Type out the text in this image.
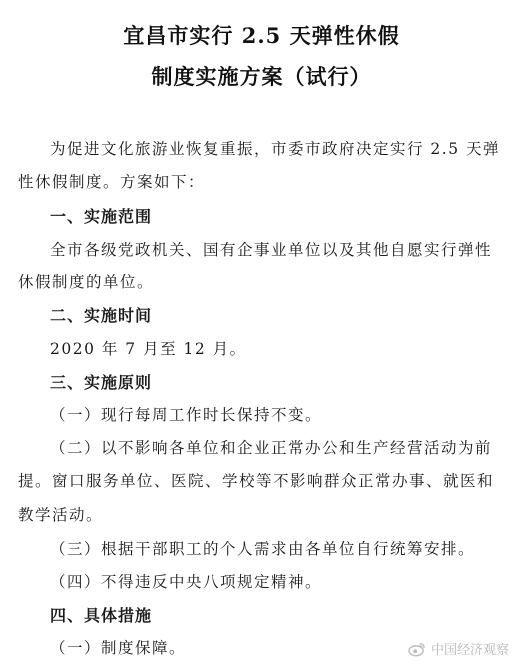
宜昌市实行 2.5 天弹性休假
制度实施方案（试行）
为促进文化旅游业恢复重振，市委市政府决定实行 2.5 天弹
性休假制度。方案如下：
一、实施范围
全市各级党政机关、国有企事业单位以及其他自愿实行弹性
休假制度的单位。
二、实施时间
2020 年 7 月至 12 月。
三、实施原则
（一）现行每周工作时长保持不变。
（二）以不影响各单位和企业正常办公和生产经营活动为前
提。窗口服务单位、医院、学校等不影响群众正常办事、就医和
教学活动。
（三）根据干部职工的个人需求由各单位自行统筹安排。
（四）不得违反中央八项规定精神。
四、具体措施
（一）制度保障。	中国经济观察
